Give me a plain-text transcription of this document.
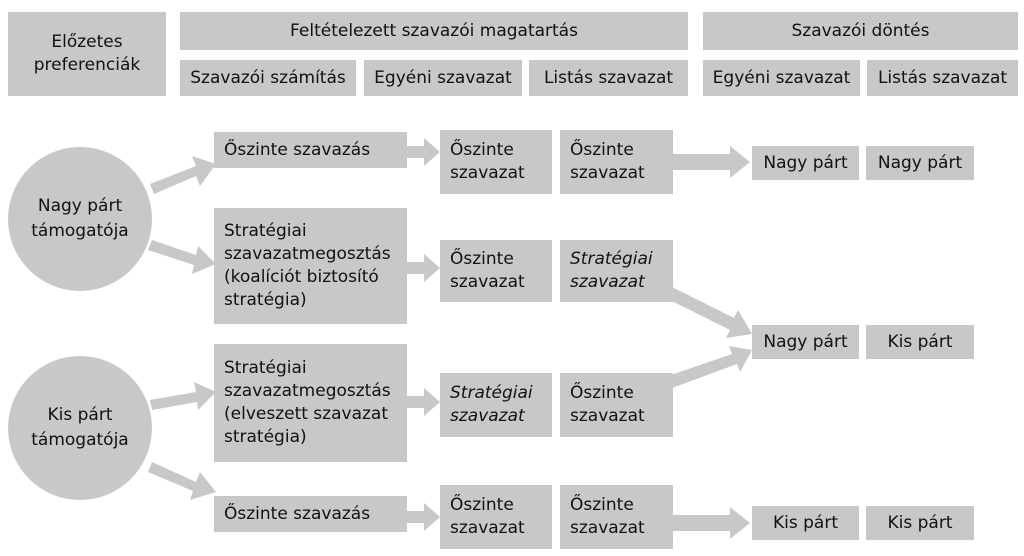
Előzetes
preferenciák
Feltételezett szavazói magatartás	Szavazói döntés
Szavazói számítás	Egyéni szavazat	Listás szavazat	Egyéni szavazat	Listás szavazat
Nagy párt
támogatója
Kis párt
támogatója
Őszinte szavazás	Őszinte
szavazat
Őszinte
szavazat
Stratégiai
szavazatmegosztás
(koalíciót biztosító
stratégia)
Őszinte
szavazat
Stratégiai
szavazat
Stratégiai
szavazatmegosztás
(elveszett szavazat
stratégia)
Stratégiai
szavazat
Őszinte
szavazat
Őszinte szavazás	Őszinte
szavazat
Őszinte
szavazat
Nagy párt	Nagy párt
Nagy párt	Kis párt
Kis párt	Kis párt
